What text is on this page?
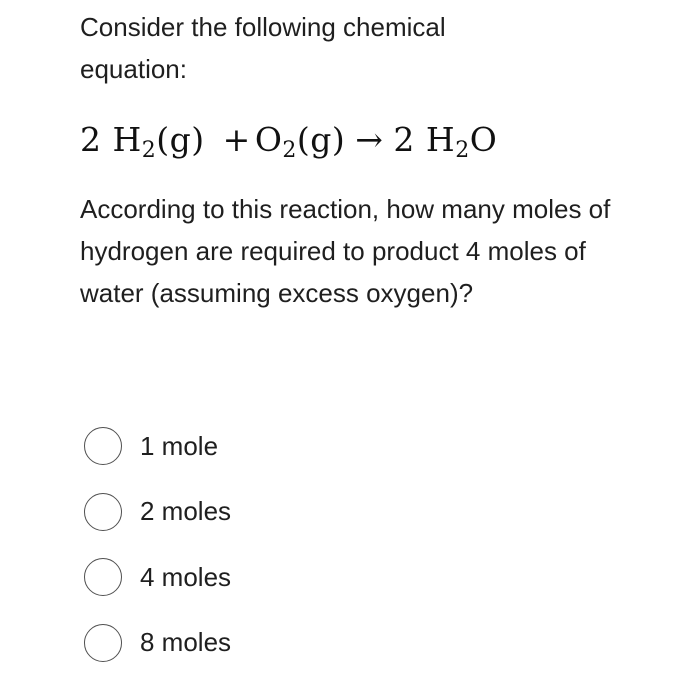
Consider the following chemical equation:

2 $H_2(g) + O_2(g) \to 2$ $H_2O$

According to this reaction, how many moles of hydrogen are required to product 4 moles of water (assuming excess oxygen)?

1 mole
2 moles
4 moles
8 moles
